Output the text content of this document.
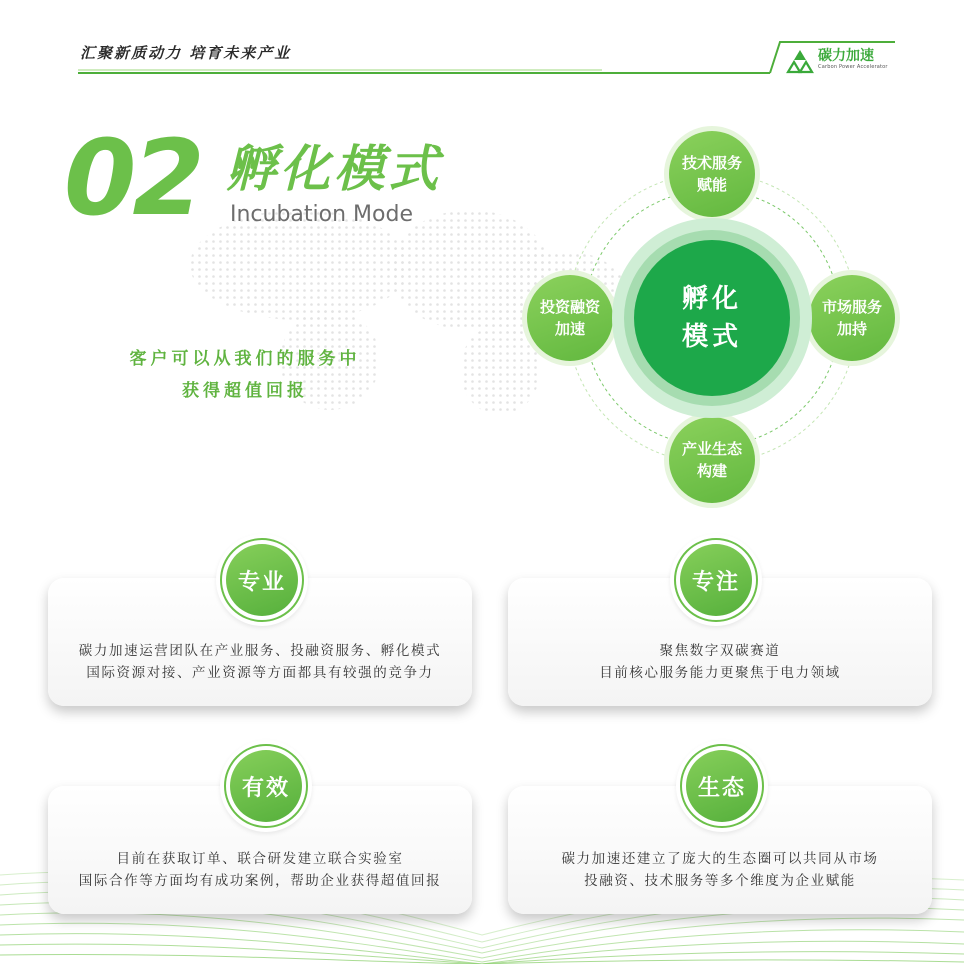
汇聚新质动力 培育未来产业	碳力加速
Carbon Power Accelerator
02 孵化模式
Incubation Mode
客户可以从我们的服务中
获得超值回报
技术服务
赋能
投资融资
加速
市场服务
加持
产业生态
构建
孵化
模式
碳力加速运营团队在产业服务、投融资服务、孵化模式
国际资源对接、产业资源等方面都具有较强的竞争力
专业
聚焦数字双碳赛道
目前核心服务能力更聚焦于电力领域
专注
目前在获取订单、联合研发建立联合实验室
国际合作等方面均有成功案例，帮助企业获得超值回报
有效
碳力加速还建立了庞大的生态圈可以共同从市场
投融资、技术服务等多个维度为企业赋能
生态
